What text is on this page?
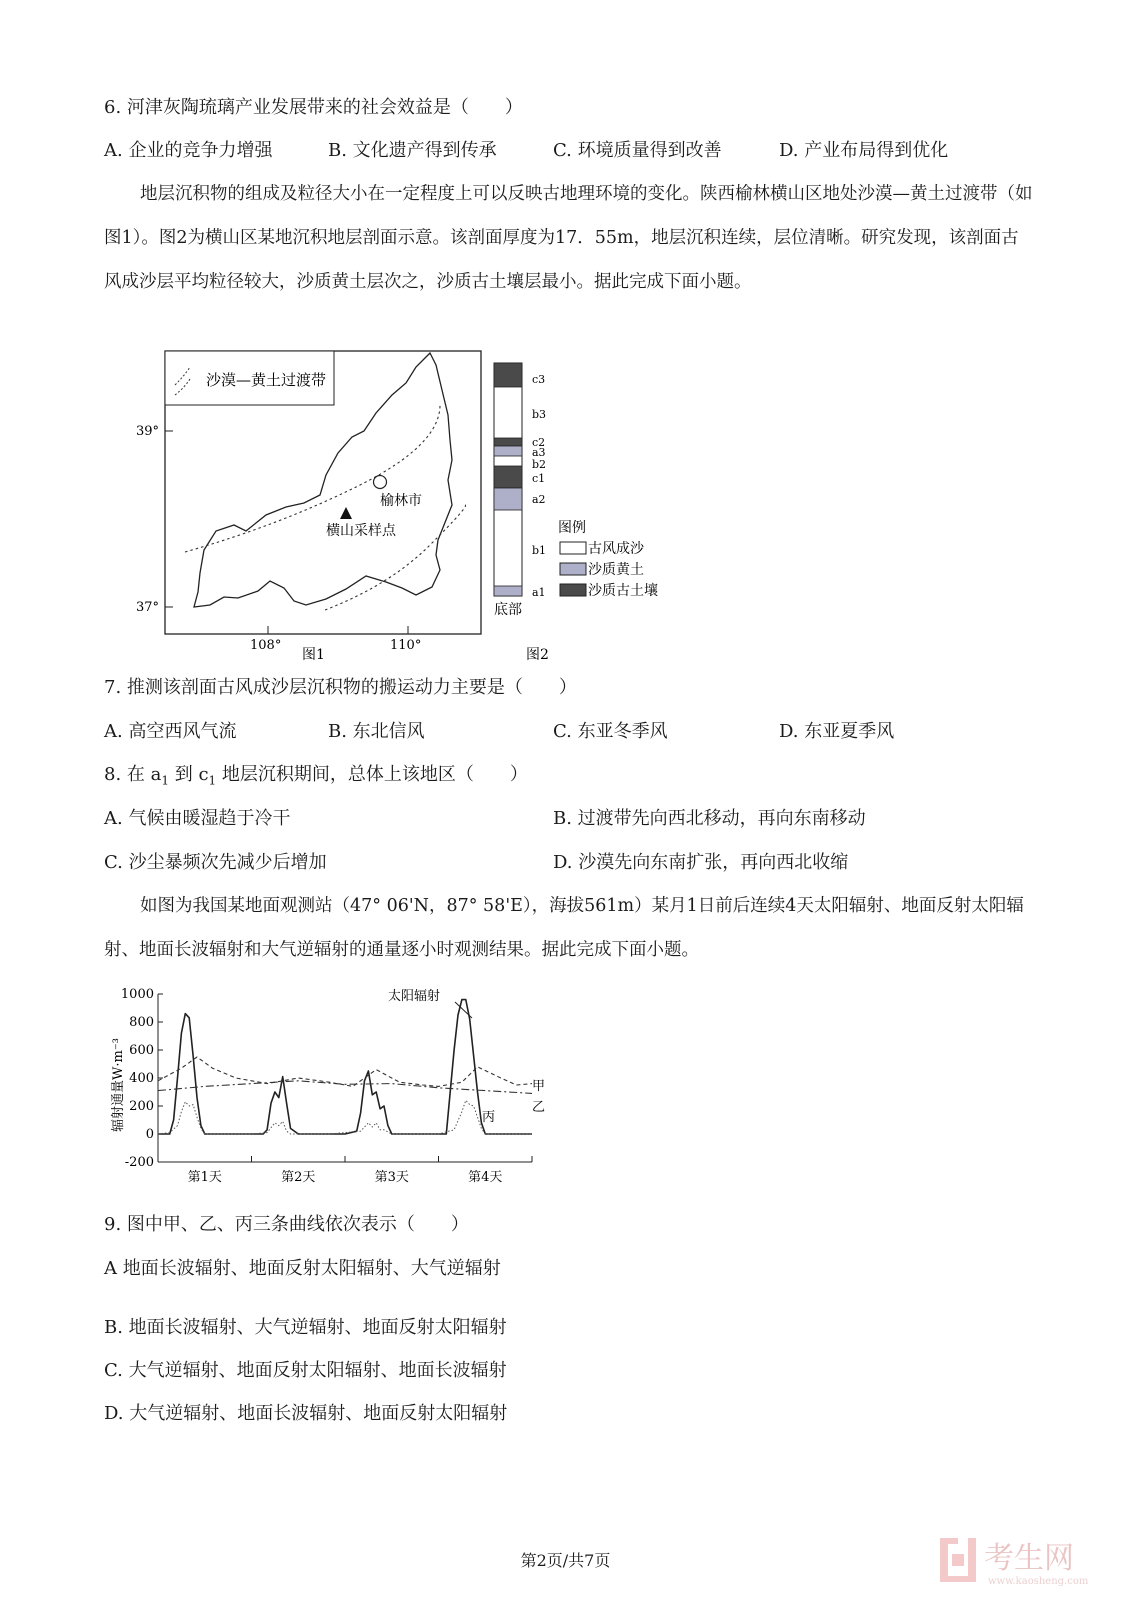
6. 河津灰陶琉璃产业发展带来的社会效益是（　　）
A. 企业的竞争力增强	B. 文化遗产得到传承	C. 环境质量得到改善	D. 产业布局得到优化
地层沉积物的组成及粒径大小在一定程度上可以反映古地理环境的变化。陕西榆林横山区地处沙漠—黄土过渡带（如图1）。图2为横山区某地沉积地层剖面示意。该剖面厚度为17．55m，地层沉积连续，层位清晰。研究发现，该剖面古风成沙层平均粒径较大，沙质黄土层次之，沙质古土壤层最小。据此完成下面小题。
沙漠—黄土过渡带
39°
37°
108°	110°
榆林市
横山采样点
图1
c3
b3
c2
a3
b2
c1
a2
b1
a1
底部
图例
古风成沙
沙质黄土
沙质古土壤
图2
7. 推测该剖面古风成沙层沉积物的搬运动力主要是（　　）
A. 高空西风气流	B. 东北信风	C. 东亚冬季风	D. 东亚夏季风
8. 在 $a_1$ 到 $c_1$ 地层沉积期间，总体上该地区（　　）
A. 气候由暖湿趋于冷干	B. 过渡带先向西北移动，再向东南移动
C. 沙尘暴频次先减少后增加	D. 沙漠先向东南扩张，再向西北收缩
如图为我国某地面观测站（47° 06'N，87° 58'E），海拔561m）某月1日前后连续4天太阳辐射、地面反射太阳辐射、地面长波辐射和大气逆辐射的通量逐小时观测结果。据此完成下面小题。
1000
800
600
400
200
0
-200
第1天	第2天	第3天	第4天
辐射通量W·m⁻³
太阳辐射
甲
乙
丙
9. 图中甲、乙、丙三条曲线依次表示（　　）
A 地面长波辐射、地面反射太阳辐射、大气逆辐射
B. 地面长波辐射、大气逆辐射、地面反射太阳辐射
C. 大气逆辐射、地面反射太阳辐射、地面长波辐射
D. 大气逆辐射、地面长波辐射、地面反射太阳辐射
第2页/共7页	考生网
www.kaosheng.com
